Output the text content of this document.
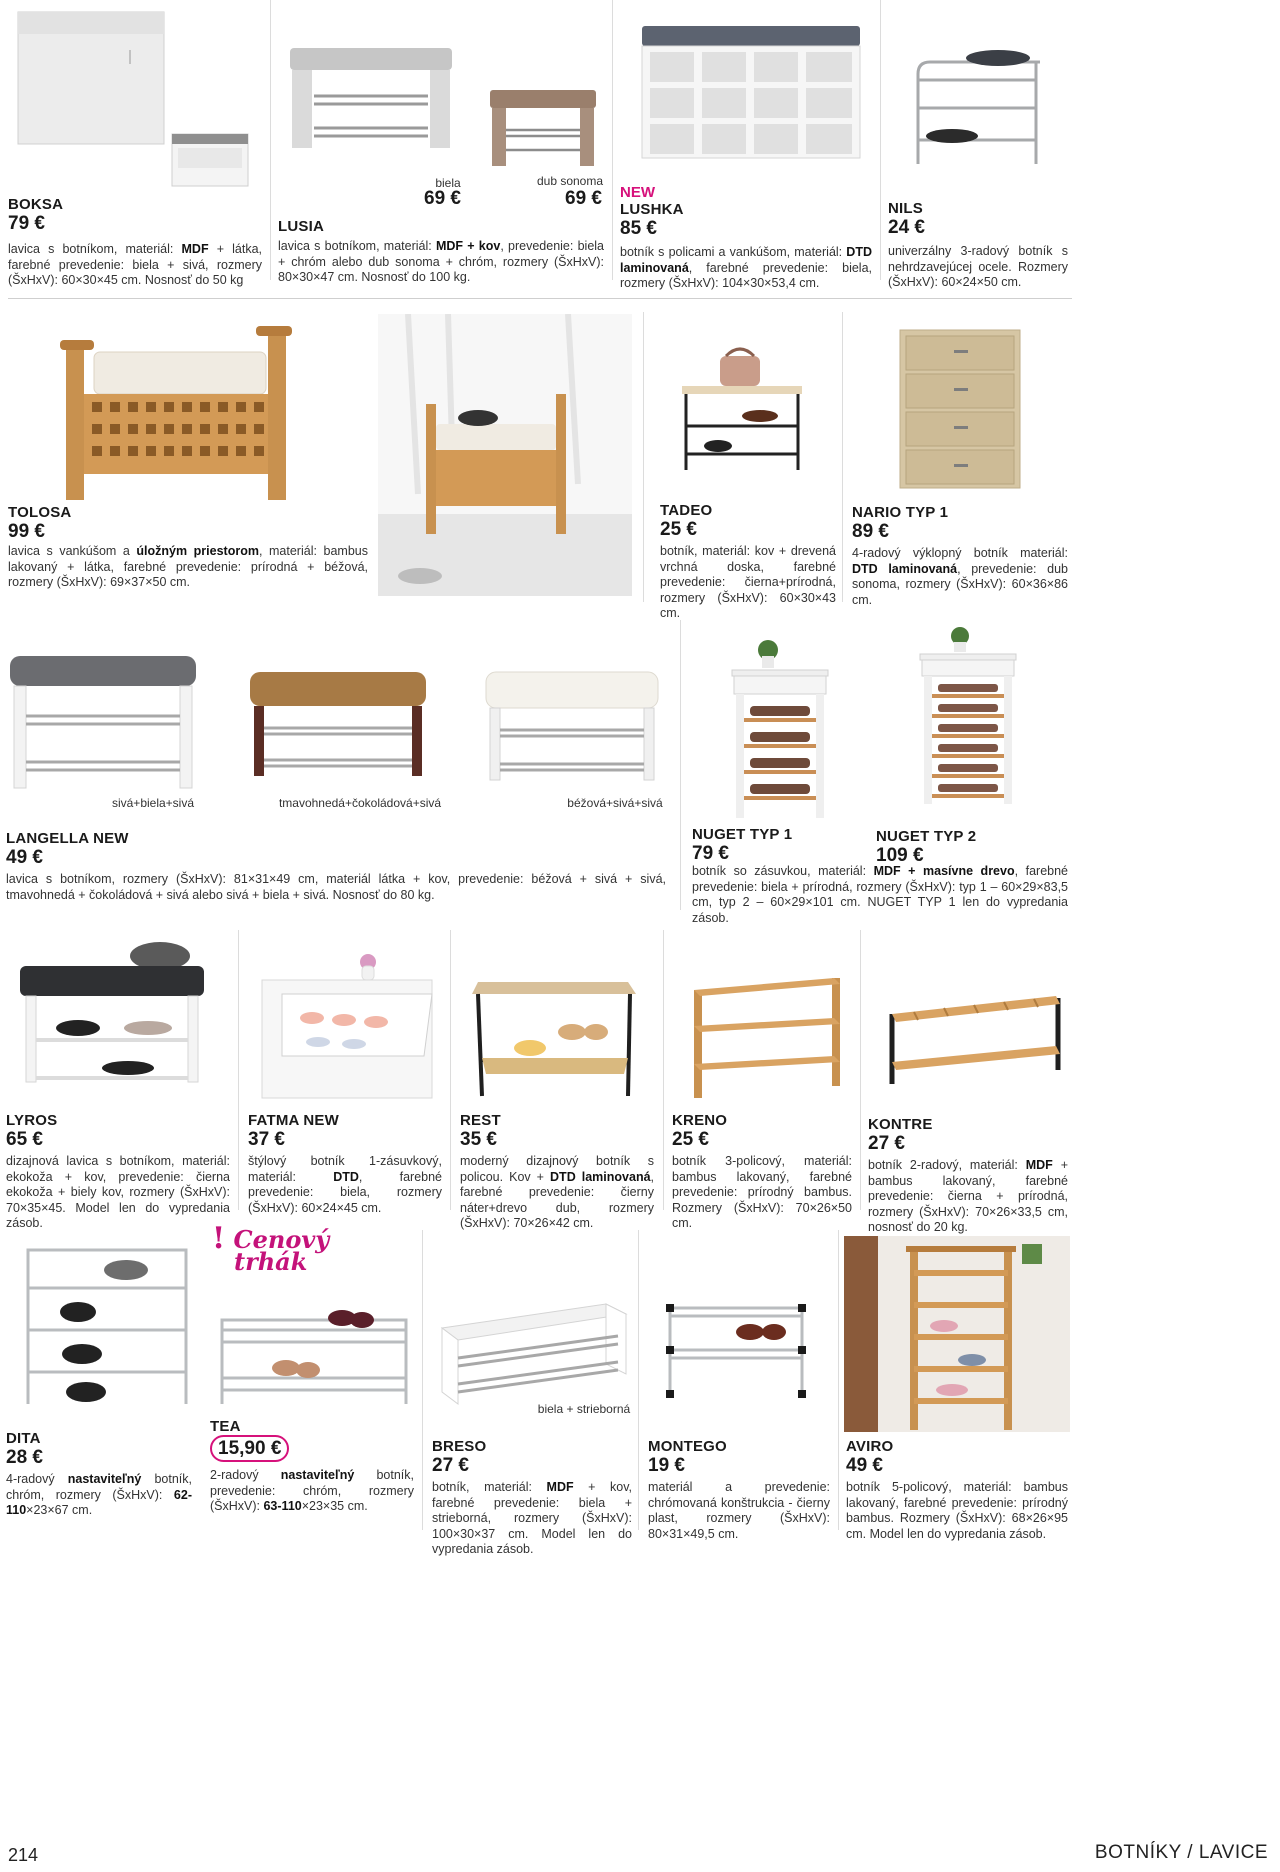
BOKSA
79 €
lavica s botníkom, materiál: MDF + látka, farebné prevedenie: biela + sivá, rozmery (ŠxHxV): 60×30×45 cm. Nosnosť do 50 kg
biela
69 €
dub sonoma
69 €
LUSIA
lavica s botníkom, materiál: MDF + kov, prevedenie: biela + chróm alebo dub sonoma + chróm, rozmery (ŠxHxV): 80×30×47 cm. Nosnosť do 100 kg.
NEW
LUSHKA
85 €
botník s policami a vankúšom, materiál: DTD laminovaná, farebné prevedenie: biela, rozmery (ŠxHxV): 104×30×53,4 cm.
NILS
24 €
univerzálny 3-radový botník s nehrdzavejúcej ocele. Rozmery (ŠxHxV): 60×24×50 cm.
TOLOSA
99 €
lavica s vankúšom a úložným priestorom, materiál: bambus lakovaný + látka, farebné prevedenie: prírodná + béžová, rozmery (ŠxHxV): 69×37×50 cm.
TADEO
25 €
botník, materiál: kov + drevená vrchná doska, farebné prevedenie: čierna+prírodná, rozmery (ŠxHxV): 60×30×43 cm.
NARIO TYP 1
89 €
4-radový výklopný botník materiál: DTD laminovaná, prevedenie: dub sonoma, rozmery (ŠxHxV): 60×36×86 cm.
sivá+biela+sivá	tmavohnedá+čokoládová+sivá	béžová+sivá+sivá
LANGELLA NEW
49 €
lavica s botníkom, rozmery (ŠxHxV): 81×31×49 cm, materiál látka + kov, prevedenie: béžová + sivá + sivá, tmavohnedá + čokoládová + sivá alebo sivá + biela + sivá. Nosnosť do 80 kg.
NUGET TYP 1
79 €
NUGET TYP 2
109 €
botník so zásuvkou, materiál: MDF + masívne drevo, farebné prevedenie: biela + prírodná, rozmery (ŠxHxV): typ 1 – 60×29×83,5 cm, typ 2 – 60×29×101 cm. NUGET TYP 1 len do vypredania zásob.
LYROS
65 €
dizajnová lavica s botníkom, materiál: ekokoža + kov, prevedenie: čierna ekokoža + biely kov, rozmery (ŠxHxV): 70×35×45. Model len do vypredania zásob.
FATMA NEW
37 €
štýlový botník 1-zásuvkový, materiál: DTD, farebné prevedenie: biela, rozmery (ŠxHxV): 60×24×45 cm.
REST
35 €
moderný dizajnový botník s policou. Kov + DTD laminovaná, farebné prevedenie: čierny náter+drevo dub, rozmery (ŠxHxV): 70×26×42 cm.
KRENO
25 €
botník 3-policový, materiál: bambus lakovaný, farebné prevedenie: prírodný bambus. Rozmery (ŠxHxV): 70×26×50 cm.
KONTRE
27 €
botník 2-radový, materiál: MDF + bambus lakovaný, farebné prevedenie: čierna + prírodná, rozmery (ŠxHxV): 70×26×33,5 cm, nosnosť do 20 kg.
DITA
28 €
4-radový nastaviteľný botník, chróm, rozmery (ŠxHxV): 62-110×23×67 cm.
! Cenový
trhák
TEA
15,90 €
2-radový nastaviteľný botník, prevedenie: chróm, rozmery (ŠxHxV): 63-110×23×35 cm.
biela + strieborná
BRESO
27 €
botník, materiál: MDF + kov, farebné prevedenie: biela + strieborná, rozmery (ŠxHxV): 100×30×37 cm. Model len do vypredania zásob.
MONTEGO
19 €
materiál a prevedenie: chrómovaná konštrukcia - čierny plast, rozmery (ŠxHxV): 80×31×49,5 cm.
AVIRO
49 €
botník 5-policový, materiál: bambus lakovaný, farebné prevedenie: prírodný bambus. Rozmery (ŠxHxV): 68×26×95 cm. Model len do vypredania zásob.
214	BOTNÍKY / LAVICE
